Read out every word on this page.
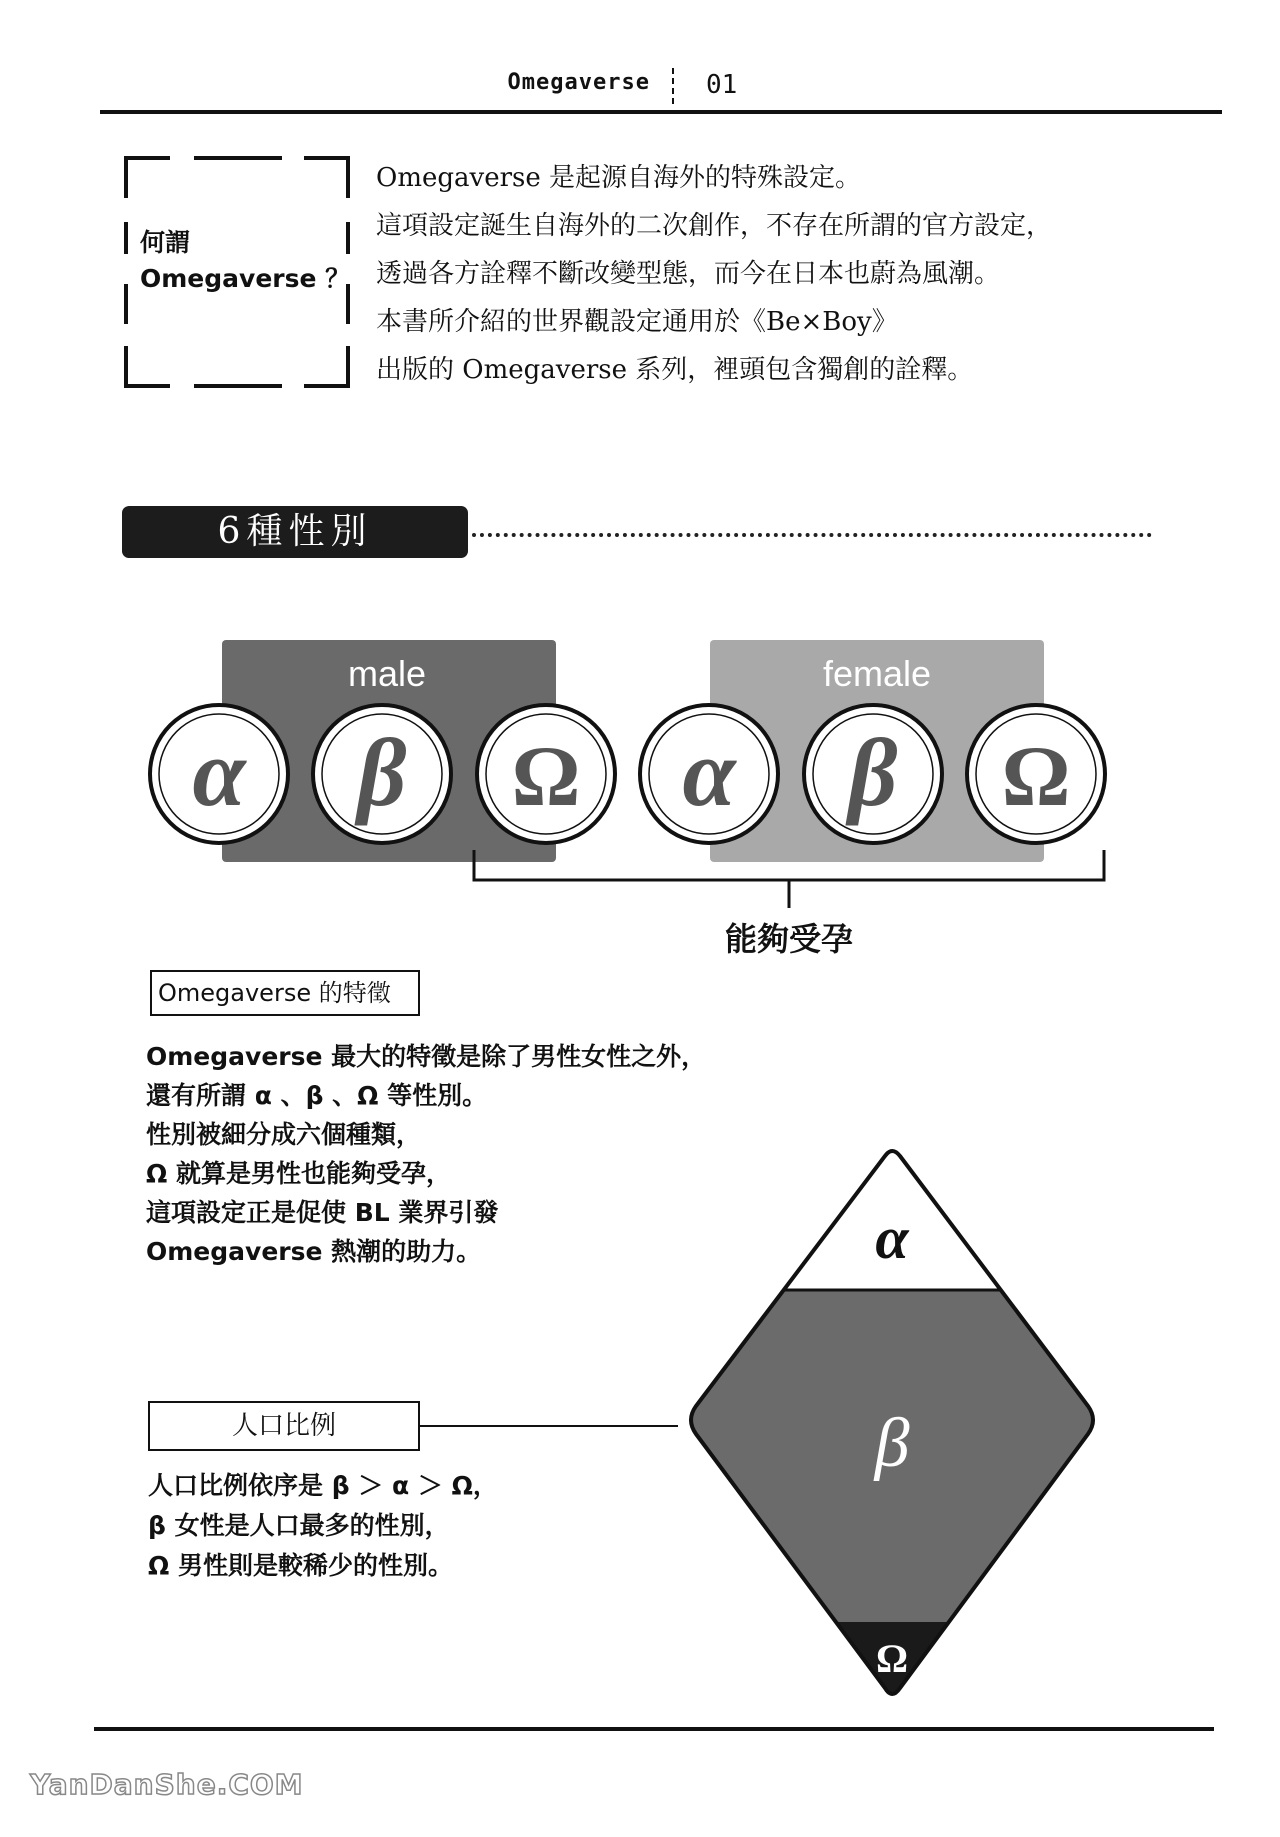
Omegaverse 01
何謂
Omegaverse ？
Omegaverse 是起源自海外的特殊設定。
這項設定誕生自海外的二次創作，不存在所謂的官方設定，
透過各方詮釋不斷改變型態，而今在日本也蔚為風潮。
本書所介紹的世界觀設定通用於《Be×Boy》
出版的 Omegaverse 系列，裡頭包含獨創的詮釋。
6種性別
male	female
α β Ω α β Ω
能夠受孕
Omegaverse 的特徵
Omegaverse 最大的特徵是除了男性女性之外，
還有所謂 α 、β 、Ω 等性別。
性別被細分成六個種類，
Ω 就算是男性也能夠受孕，
這項設定正是促使 BL 業界引發
Omegaverse 熱潮的助力。
人口比例
人口比例依序是 β ＞ α ＞ Ω，
β 女性是人口最多的性別，
Ω 男性則是較稀少的性別。
α
β
Ω
YanDanShe.COM
